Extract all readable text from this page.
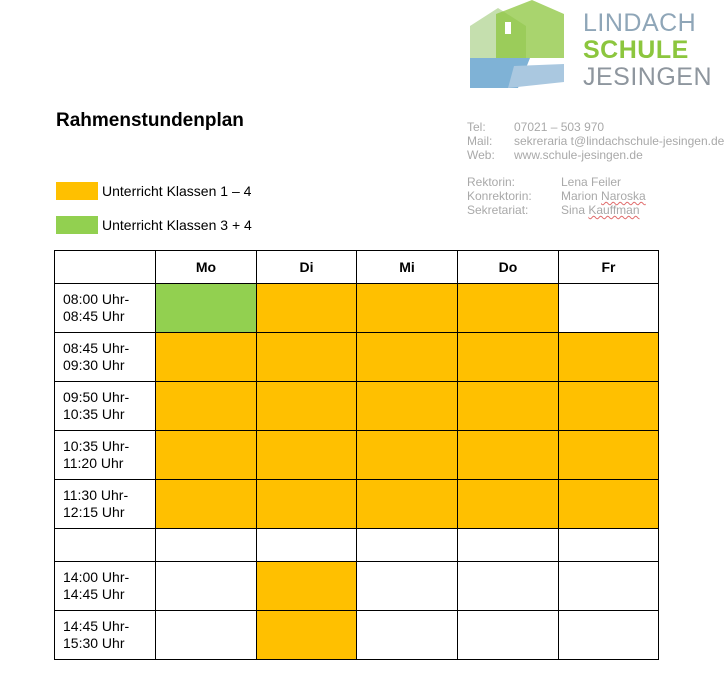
LINDACH
SCHULE
JESINGEN
Rahmenstundenplan	Tel: 07021 – 503 970
Mail: sekreraria t@lindachschule-jesingen.de
Web: www.schule-jesingen.de
Rektorin:	Lena Feiler
Konrektorin: Marion Naroska
Sekretariat:	Sina Kauffman
Unterricht Klassen 1 – 4
Unterricht Klassen 3 + 4
	Mo	Di	Mi	Do	Fr

08:00 Uhr-
08:45 Uhr					

08:45 Uhr-
09:30 Uhr					

09:50 Uhr-
10:35 Uhr					

10:35 Uhr-
11:20 Uhr					

11:30 Uhr-
12:15 Uhr					

14:00 Uhr-
14:45 Uhr					

14:45 Uhr-
15:30 Uhr					
